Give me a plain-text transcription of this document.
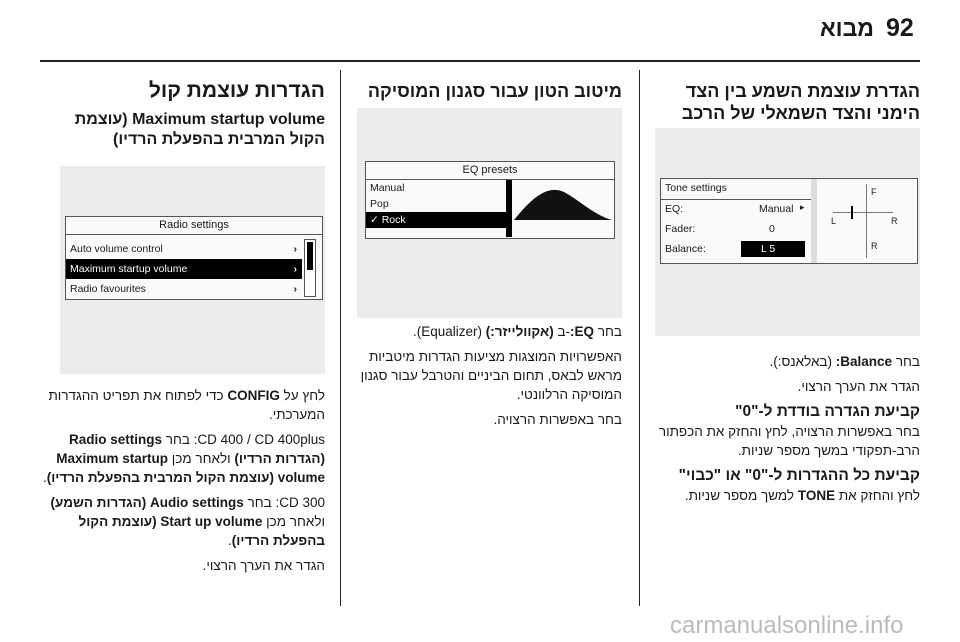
92
מבוא
הגדרת עוצמת השמע בין הצד הימני והצד השמאלי של הרכב
Tone settings
EQ:	Manual ▸
Fader:	0
Balance:	L 5
F
R
L	R

בחר Balance: (באלאנס:).

הגדר את הערך הרצוי.

קביעת הגדרה בודדת ל-"0"

בחר באפשרות הרצויה, לחץ והחזק את הכפתור הרב-תפקודי במשך מספר שניות.

קביעת כל ההגדרות ל-"0" או "כבוי"

לחץ והחזק את TONE למשך מספר שניות.

מיטוב הטון עבור סגנון המוסיקה
EQ presets
Manual
Pop
✓ Rock

בחר EQ:-ב (אקוולייזר:) (Equalizer).

האפשרויות המוצגות מציעות הגדרות מיטביות מראש לבאס, תחום הביניים והטרבל עבור סגנון המוסיקה הרלוונטי.

בחר באפשרות הרצויה.

הגדרות עוצמת קול
Maximum startup volume (עוצמת הקול המרבית בהפעלת הרדיו)
Radio settings
Auto volume control	›
Maximum startup volume	›
Radio favourites	›

לחץ על CONFIG כדי לפתוח את תפריט ההגדרות המערכתי.

CD 400 / CD 400plus: בחר Radio settings (הגדרות הרדיו) ולאחר מכן Maximum startup volume (עוצמת הקול המרבית בהפעלת הרדיו).

CD 300: בחר Audio settings (הגדרות השמע) ולאחר מכן Start up volume (עוצמת הקול בהפעלת הרדיו).

הגדר את הערך הרצוי.

carmanualsonline.info
